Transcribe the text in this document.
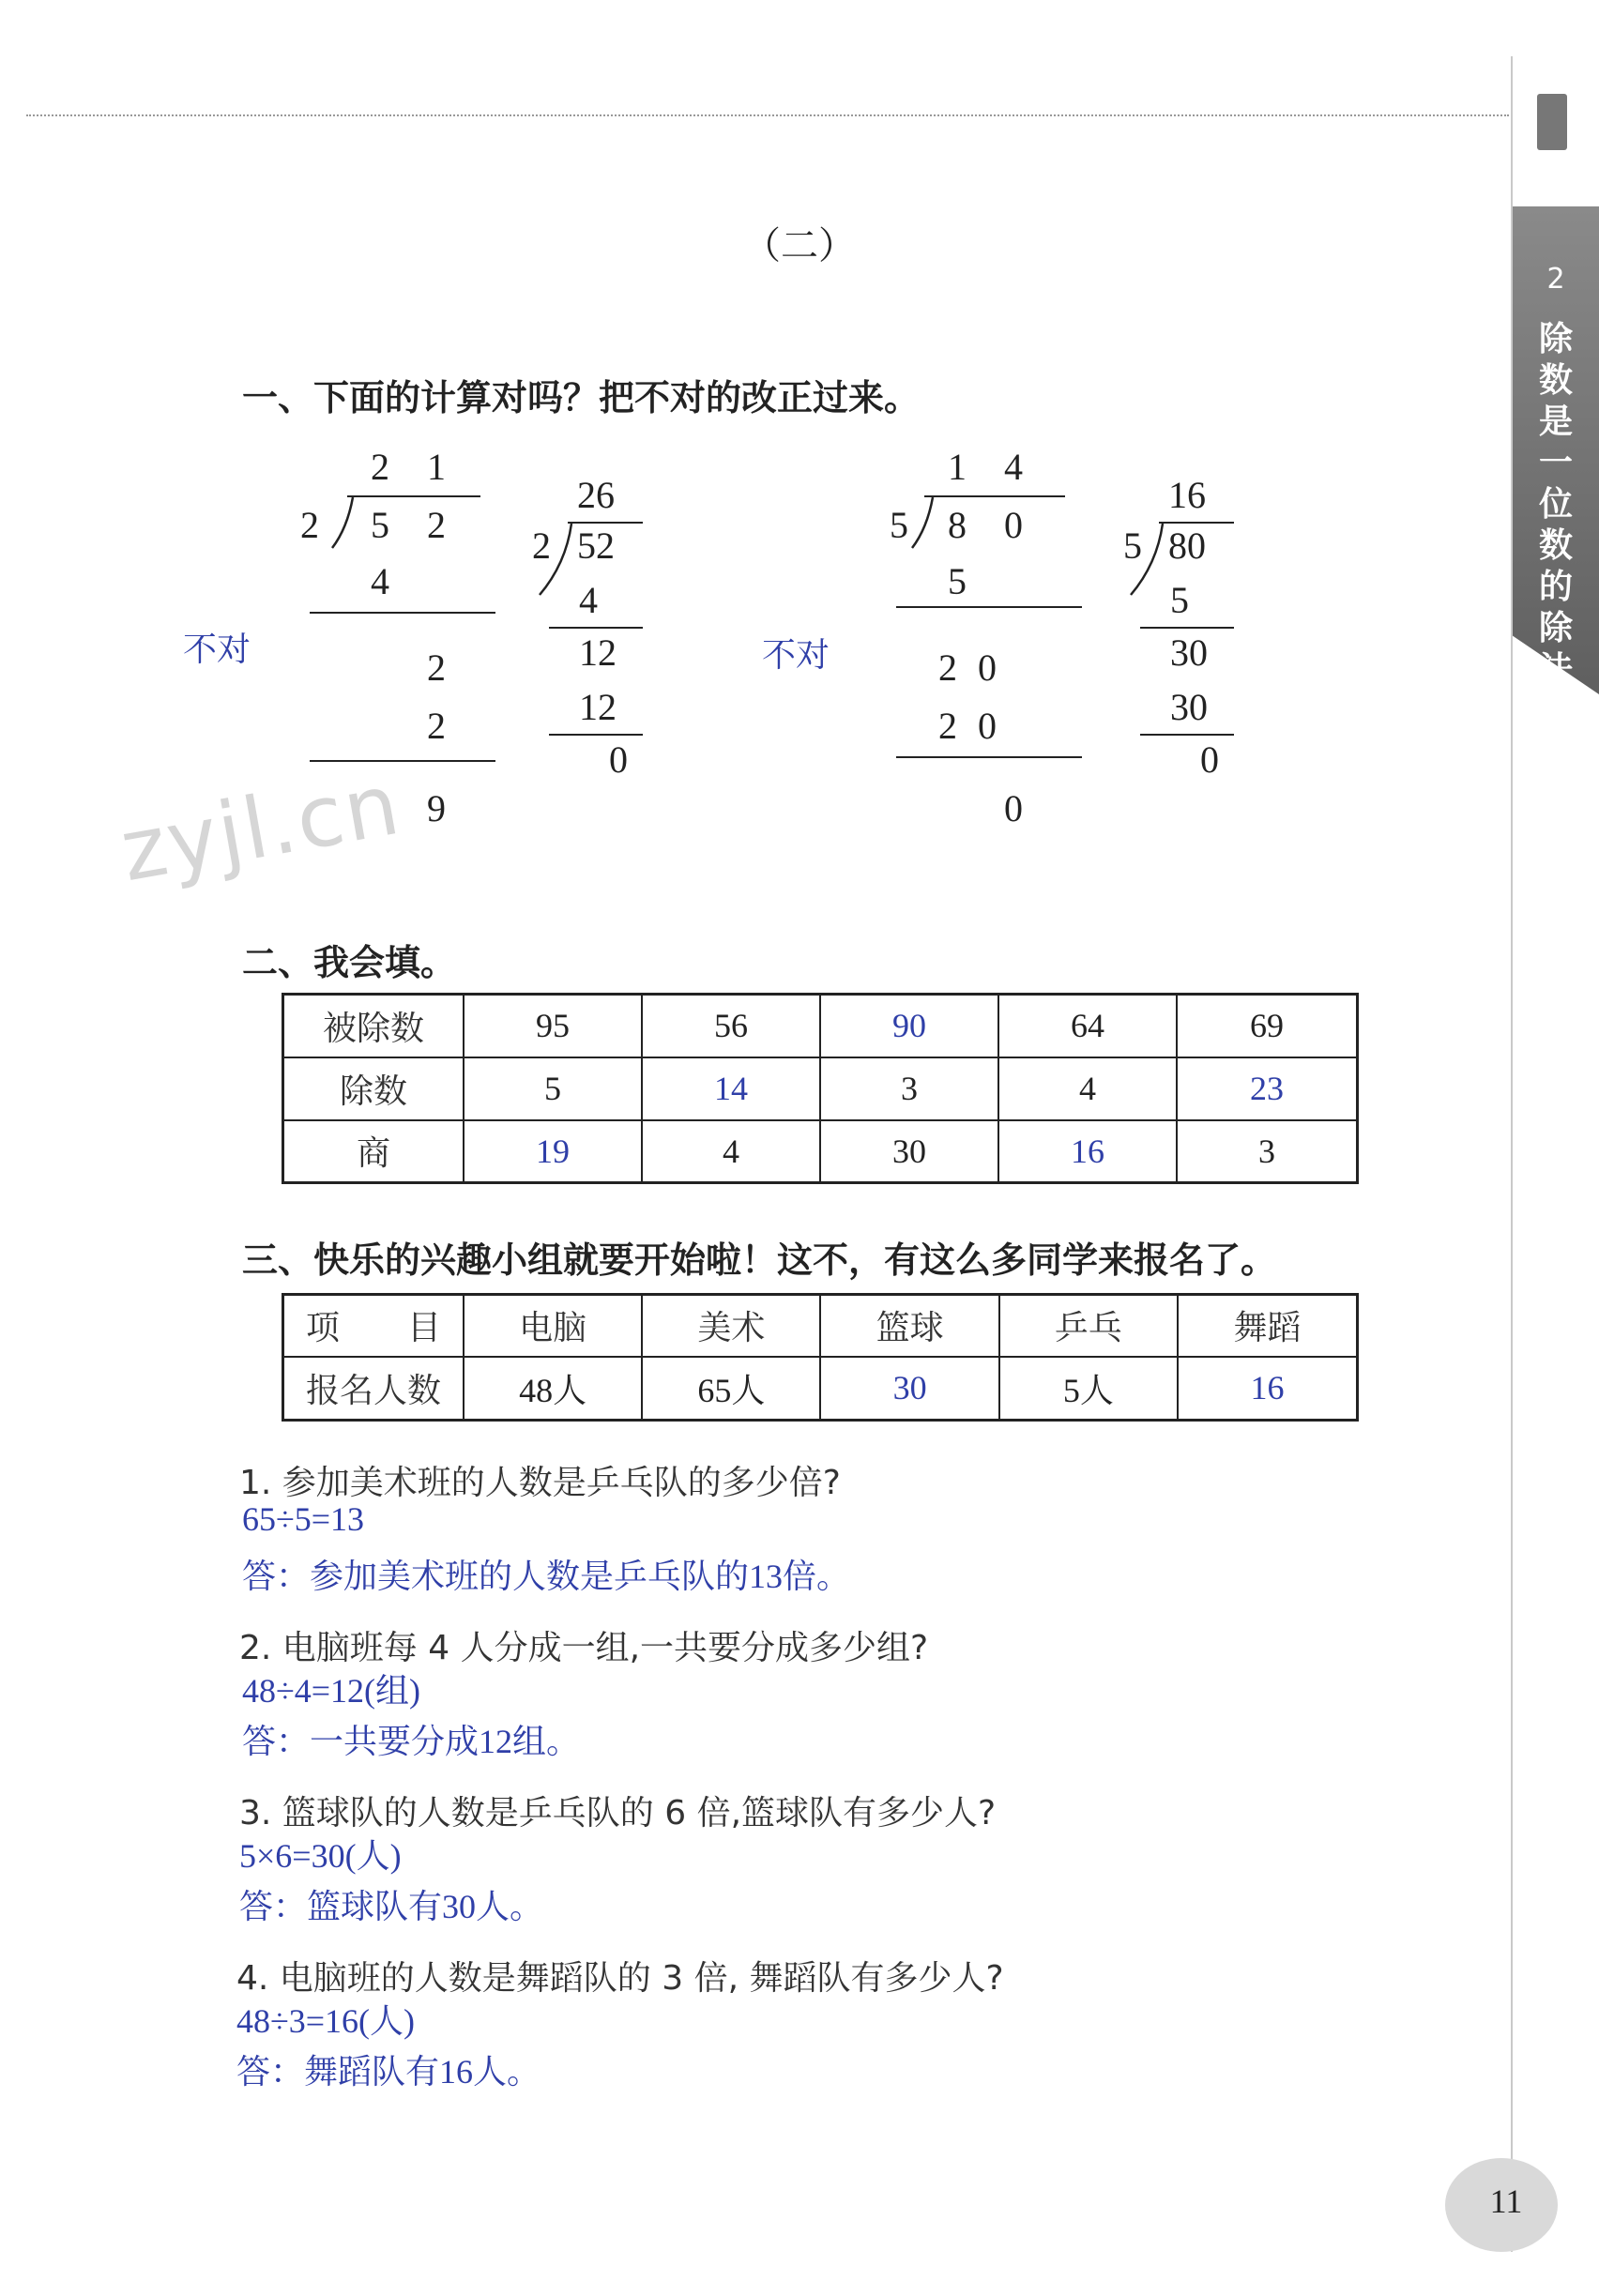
2
除数是一位数的除法
（二）
一、下面的计算对吗？把不对的改正过来。
2 1
2 5 2
4
2
2
9
不对
26
2 52
4
12
12
0
1 4
5 8 0
5
2 0
2 0
0
不对
16
5 80
5
30
30
0
zyjl.cn
二、我会填。
被除数	95	56	90	64	69
除数	5	14	3	4	23
商	19	4	30	16	3
三、快乐的兴趣小组就要开始啦！这不，有这么多同学来报名了。
项　　目	电脑	美术	篮球	乒乓	舞蹈
报名人数	48人	65人	30	5人	16
1. 参加美术班的人数是乒乓队的多少倍?
65÷5=13
答：参加美术班的人数是乒乓队的13倍。
2. 电脑班每 4 人分成一组,一共要分成多少组?
48÷4=12(组)
答：一共要分成12组。
3. 篮球队的人数是乒乓队的 6 倍,篮球队有多少人?
5×6=30(人)
答：篮球队有30人。
4. 电脑班的人数是舞蹈队的 3 倍, 舞蹈队有多少人?
48÷3=16(人)
答：舞蹈队有16人。
11
